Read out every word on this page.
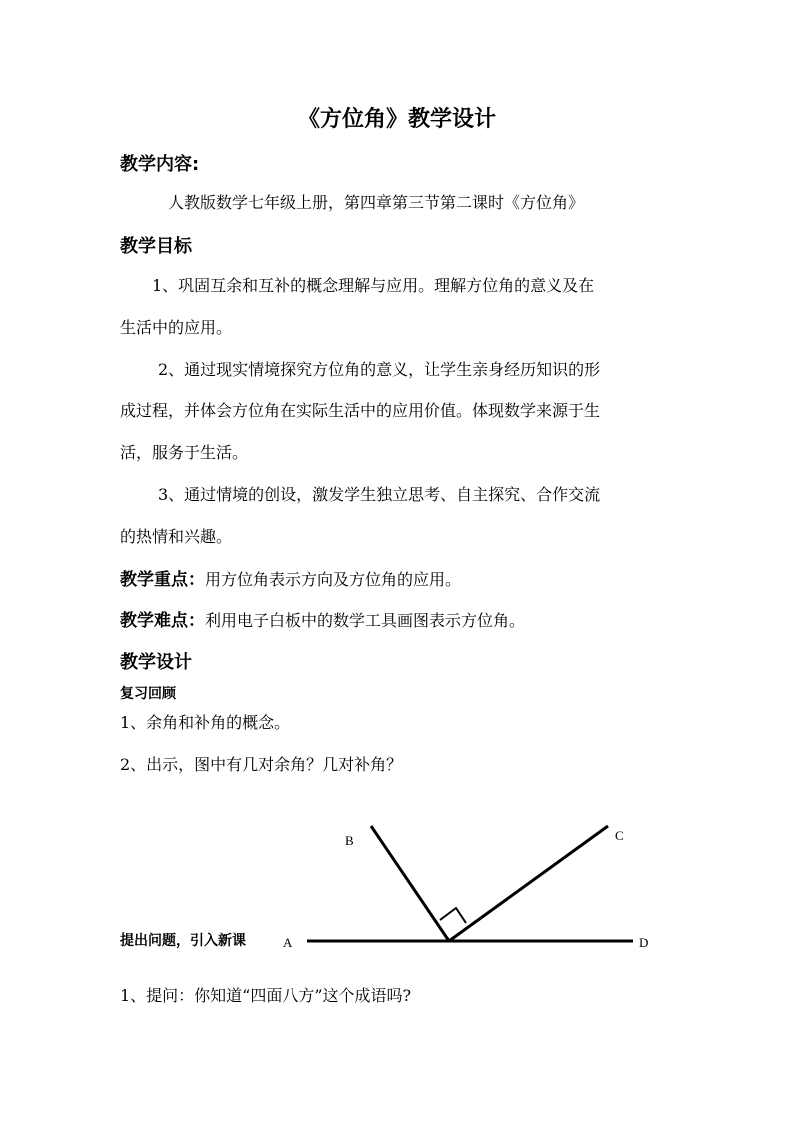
《方位角》教学设计
教学内容:
人教版数学七年级上册，第四章第三节第二课时《方位角》
教学目标
1、巩固互余和互补的概念理解与应用。理解方位角的意义及在
生活中的应用。
2、通过现实情境探究方位角的意义，让学生亲身经历知识的形
成过程，并体会方位角在实际生活中的应用价值。体现数学来源于生
活，服务于生活。
3、通过情境的创设，激发学生独立思考、自主探究、合作交流
的热情和兴趣。
教学重点：用方位角表示方向及方位角的应用。
教学难点：利用电子白板中的数学工具画图表示方位角。
教学设计
复习回顾
1、余角和补角的概念。
2、出示，图中有几对余角？几对补角？
B	C
A	D
提出问题，引入新课
1、提问：你知道“四面八方”这个成语吗?
